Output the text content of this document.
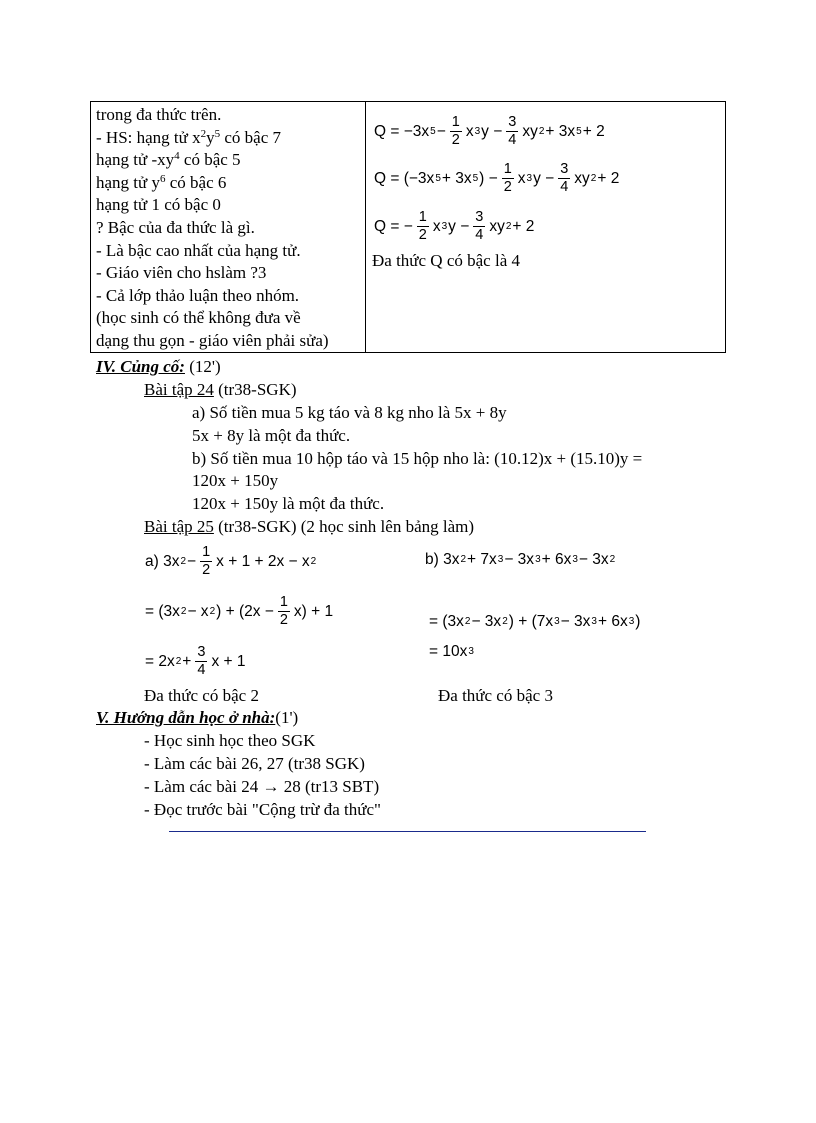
trong đa thức trên.
- HS: hạng tử $x^2y^5$ có bậc 7
hạng tử $-xy^4$ có bậc 5
hạng tử $y^6$ có bậc 6
hạng tử 1 có bậc 0
? Bậc của đa thức là gì.
- Là bậc cao nhất của hạng tử.
- Giáo viên cho hslàm ?3
- Cả lớp thảo luận theo nhóm.
(học sinh có thể không đưa về
dạng thu gọn - giáo viên phải sửa)
Q = −3x $5 - \frac{1}{2}$ x 3 $y - \frac{3}{4}$ xy 2 + 3x 5 + 2
Q = (−3x 5 + 3x 5 ) − $\frac{1}{2}$ x 3 $y - \frac{3}{4}$ xy 2 + 2
Q = − $\frac{1}{2}$ x 3 $y - \frac{3}{4}$ xy 2 + 2
Đa thức Q có bậc là 4
IV. Củng cố: (12')
Bài tập 24 (tr38-SGK)
a) Số tiền mua 5 kg táo và 8 kg nho là 5x + 8y
5x + 8y là một đa thức.
b) Số tiền mua 10 hộp táo và 15 hộp nho là: (10.12)x + (15.10)y =
120x + 150y
120x + 150y là một đa thức.
Bài tập 25 (tr38-SGK) (2 học sinh lên bảng làm)
a) 3x $2 - \frac{1}{2}$ x + 1 + 2x − x 2
= (3x 2 − x 2 ) + $(2x - \frac{1}{2} x) + 1$
= 2x $2 + \frac{3}{4}$ x + 1
b) 3x 2 + 7x 3 − 3x 3 + 6x 3 − 3x 2
= (3x 2 − 3x 2 ) + (7x 3 − 3x 3 + 6x 3 )
= 10x 3
Đa thức có bậc 2	Đa thức có bậc 3
V. Hướng dẫn học ở nhà:(1')
- Học sinh học theo SGK
- Làm các bài 26, 27 (tr38 SGK)
- Làm các bài 24 → 28 (tr13 SBT)
- Đọc trước bài "Cộng trừ đa thức"
